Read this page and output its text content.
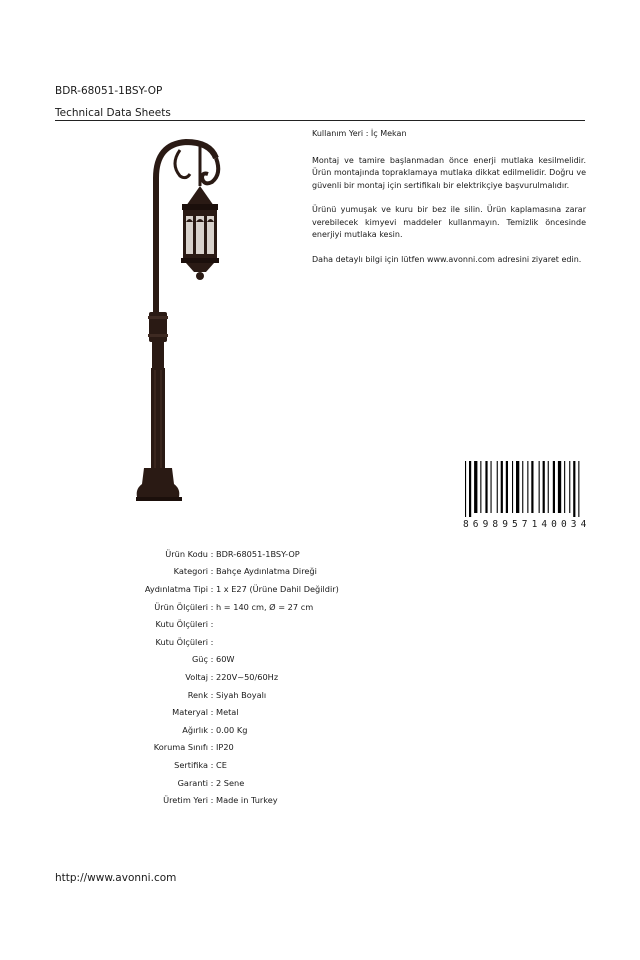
BDR-68051-1BSY-OP
Technical Data Sheets

Kullanım Yeri : İç Mekan

Montaj ve tamire başlanmadan önce enerji mutlaka kesilmelidir. Ürün montajında topraklamaya mutlaka dikkat edilmelidir. Doğru ve güvenli bir montaj için sertifikalı bir elektrikçiye başvurulmalıdır.

Ürünü yumuşak ve kuru bir bez ile silin. Ürün kaplamasına zarar verebilecek kimyevi maddeler kullanmayın. Temizlik öncesinde enerjiyi mutlaka kesin.

Daha detaylı bilgi için lütfen www.avonni.com adresini ziyaret edin.

8 6 9 8 9 5 7 1 4 0 0 3 4
Ürün Kodu : BDR-68051-1BSY-OP
Kategori : Bahçe Aydınlatma Direği
Aydınlatma Tipi : 1 x E27 (Ürüne Dahil Değildir)
Ürün Ölçüleri : h = 140 cm, Ø = 27 cm
Kutu Ölçüleri :
Kutu Ölçüleri :
Güç : 60W
Voltaj : 220V~50/60Hz
Renk : Siyah Boyalı
Materyal : Metal
Ağırlık : 0.00 Kg
Koruma Sınıfı : IP20
Sertifika : CE
Garanti : 2 Sene
Üretim Yeri : Made in Turkey
http://www.avonni.com
